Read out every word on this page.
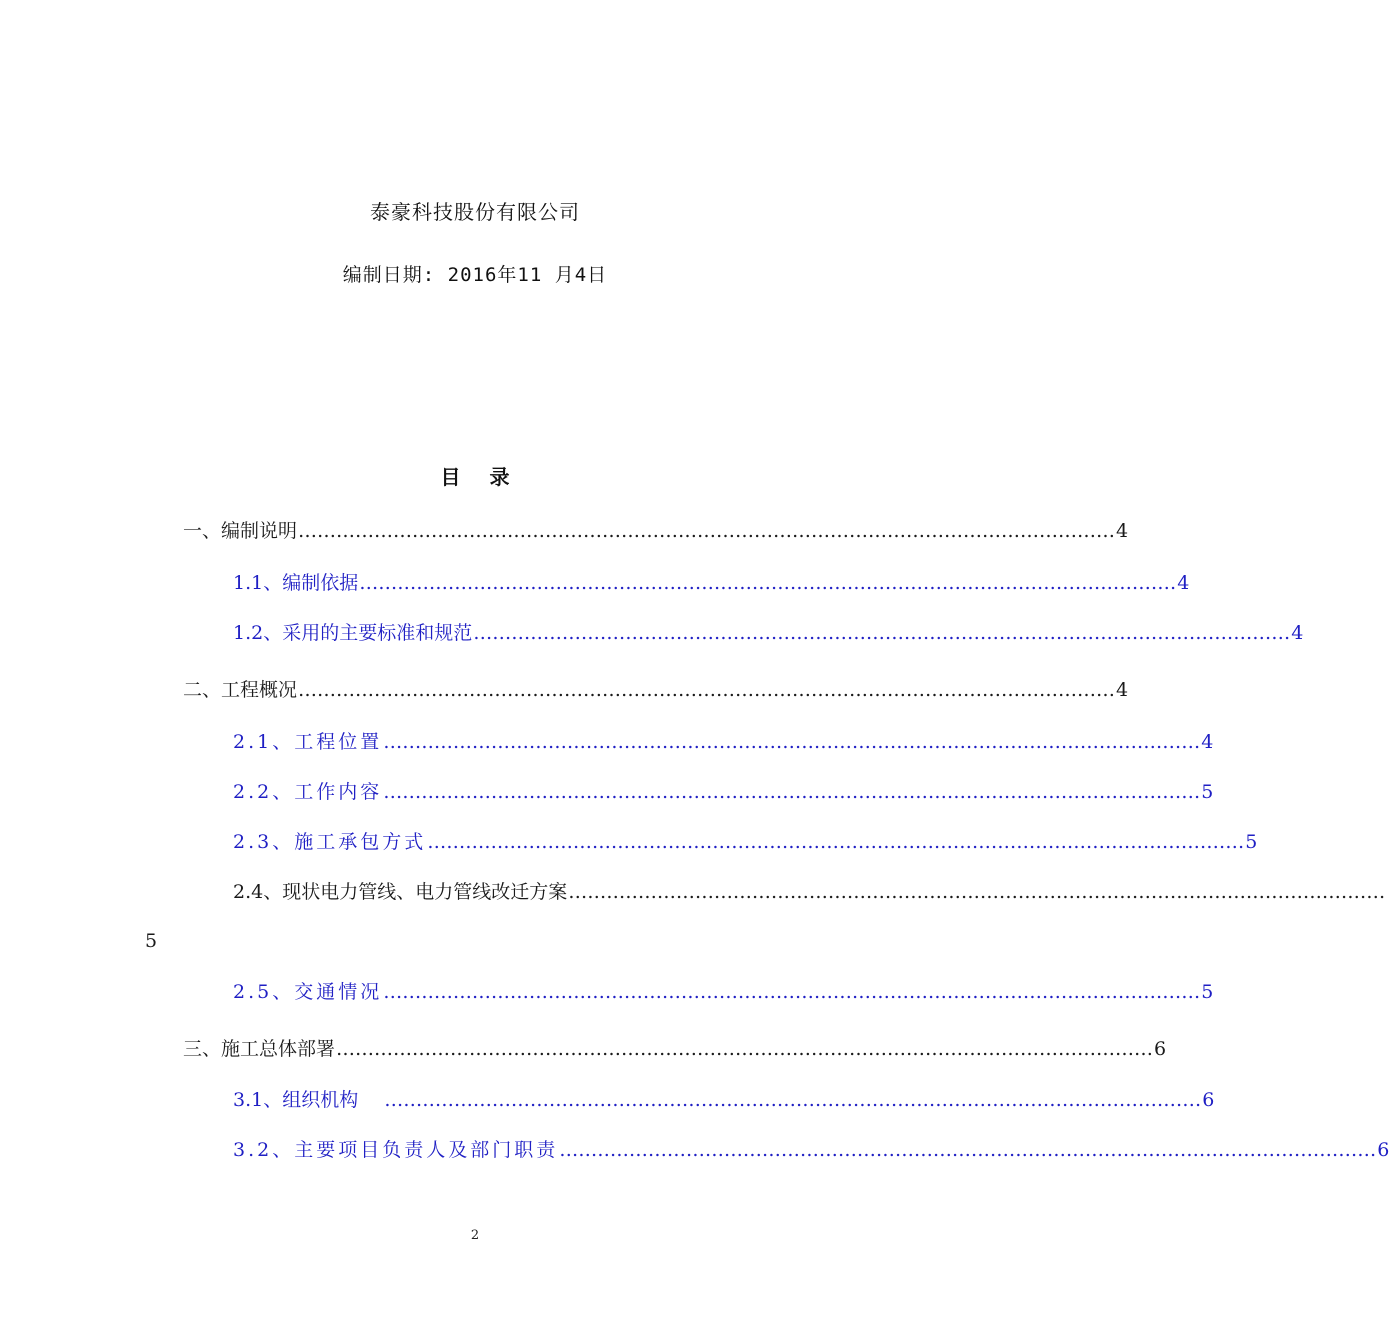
泰豪科技股份有限公司
编制日期: 2016年11 月4日
目 录
一、编制说明 ………………………………………………………………………………………………………………… 4
1.1、编制依据 ………………………………………………………………………………………………………………… 4
1.2、采用的主要标准和规范 ………………………………………………………………………………………………………………… 4
二、工程概况 ………………………………………………………………………………………………………………… 4
2.1、工程位置 ………………………………………………………………………………………………………………… 4
2.2、工作内容 ………………………………………………………………………………………………………………… 5
2.3、施工承包方式 ………………………………………………………………………………………………………………… 5
2.4、现状电力管线、电力管线改迁方案 …………………………………………………………………………………………………………………
5
2.5、交通情况 ………………………………………………………………………………………………………………… 5
三、施工总体部署 ………………………………………………………………………………………………………………… 6
3.1、组织机构 ………………………………………………………………………………………………………………… 6
3.2、主要项目负责人及部门职责 ………………………………………………………………………………………………………………… 6
2
